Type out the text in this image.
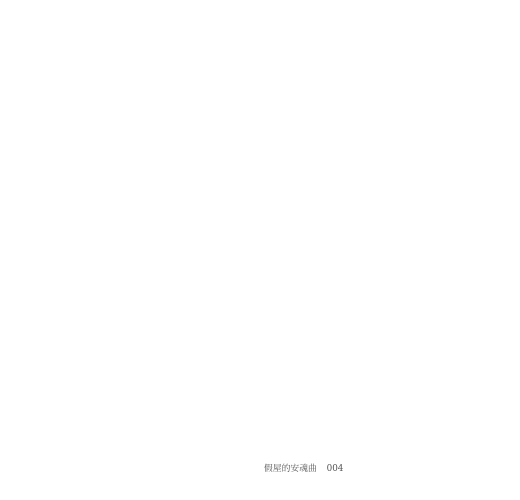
假屋的安魂曲 004
